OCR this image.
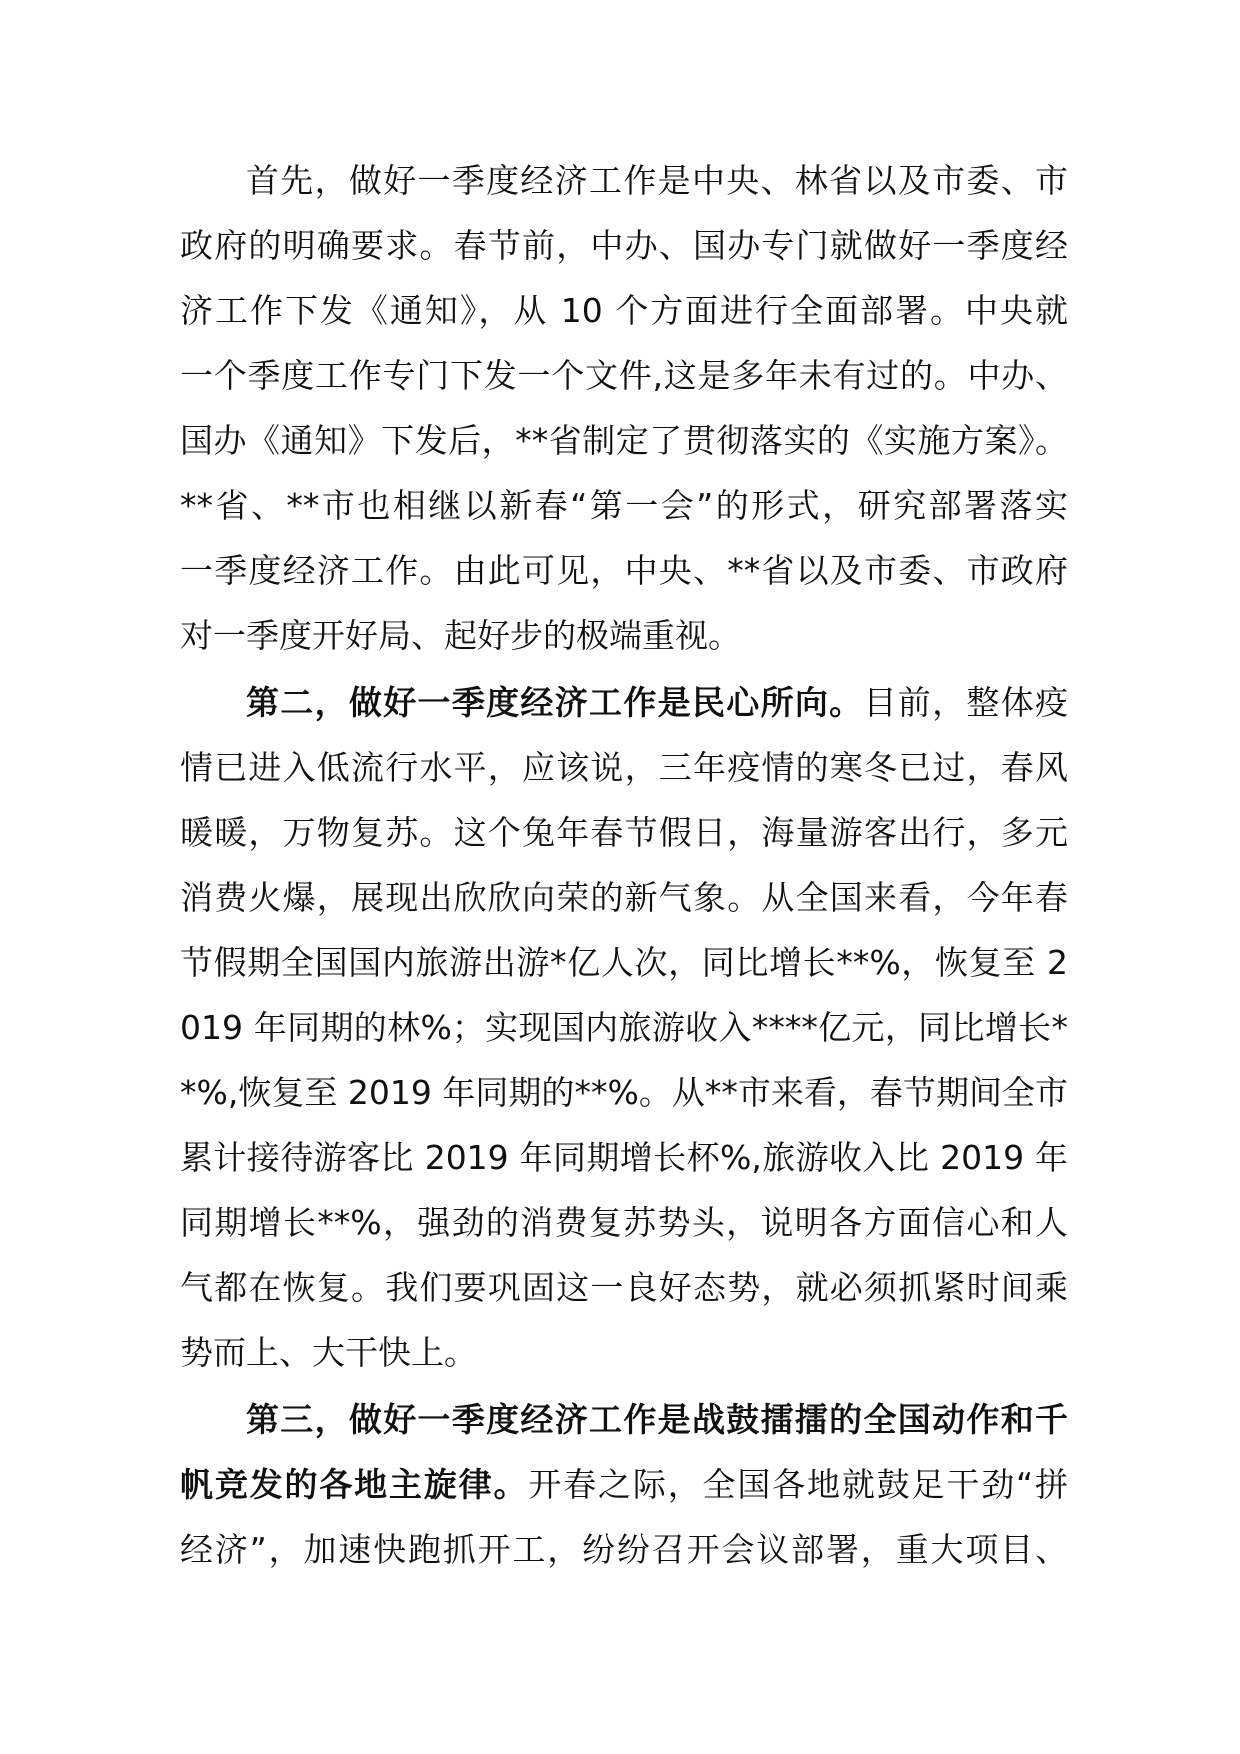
首先，做好一季度经济工作是中央、林省以及市委、市
政府的明确要求。春节前，中办、国办专门就做好一季度经
济工作下发《通知》，从 10 个方面进行全面部署。中央就
一个季度工作专门下发一个文件,这是多年未有过的。中办、
国办《通知》下发后，**省制定了贯彻落实的《实施方案》。
**省、**市也相继以新春“第一会”的形式，研究部署落实
一季度经济工作。由此可见，中央、**省以及市委、市政府
对一季度开好局、起好步的极端重视。
第二，做好一季度经济工作是民心所向。目前，整体疫
情已进入低流行水平，应该说，三年疫情的寒冬已过，春风
暖暖，万物复苏。这个兔年春节假日，海量游客出行，多元
消费火爆，展现出欣欣向荣的新气象。从全国来看，今年春
节假期全国国内旅游出游*亿人次，同比增长**%，恢复至 2
019 年同期的林%；实现国内旅游收入****亿元，同比增长*
*%,恢复至 2019 年同期的**%。从**市来看，春节期间全市
累计接待游客比 2019 年同期增长杯%,旅游收入比 2019 年
同期增长**%，强劲的消费复苏势头，说明各方面信心和人
气都在恢复。我们要巩固这一良好态势，就必须抓紧时间乘
势而上、大干快上。
第三，做好一季度经济工作是战鼓擂擂的全国动作和千
帆竞发的各地主旋律。开春之际，全国各地就鼓足干劲“拼
经济”，加速快跑抓开工，纷纷召开会议部署，重大项目、
